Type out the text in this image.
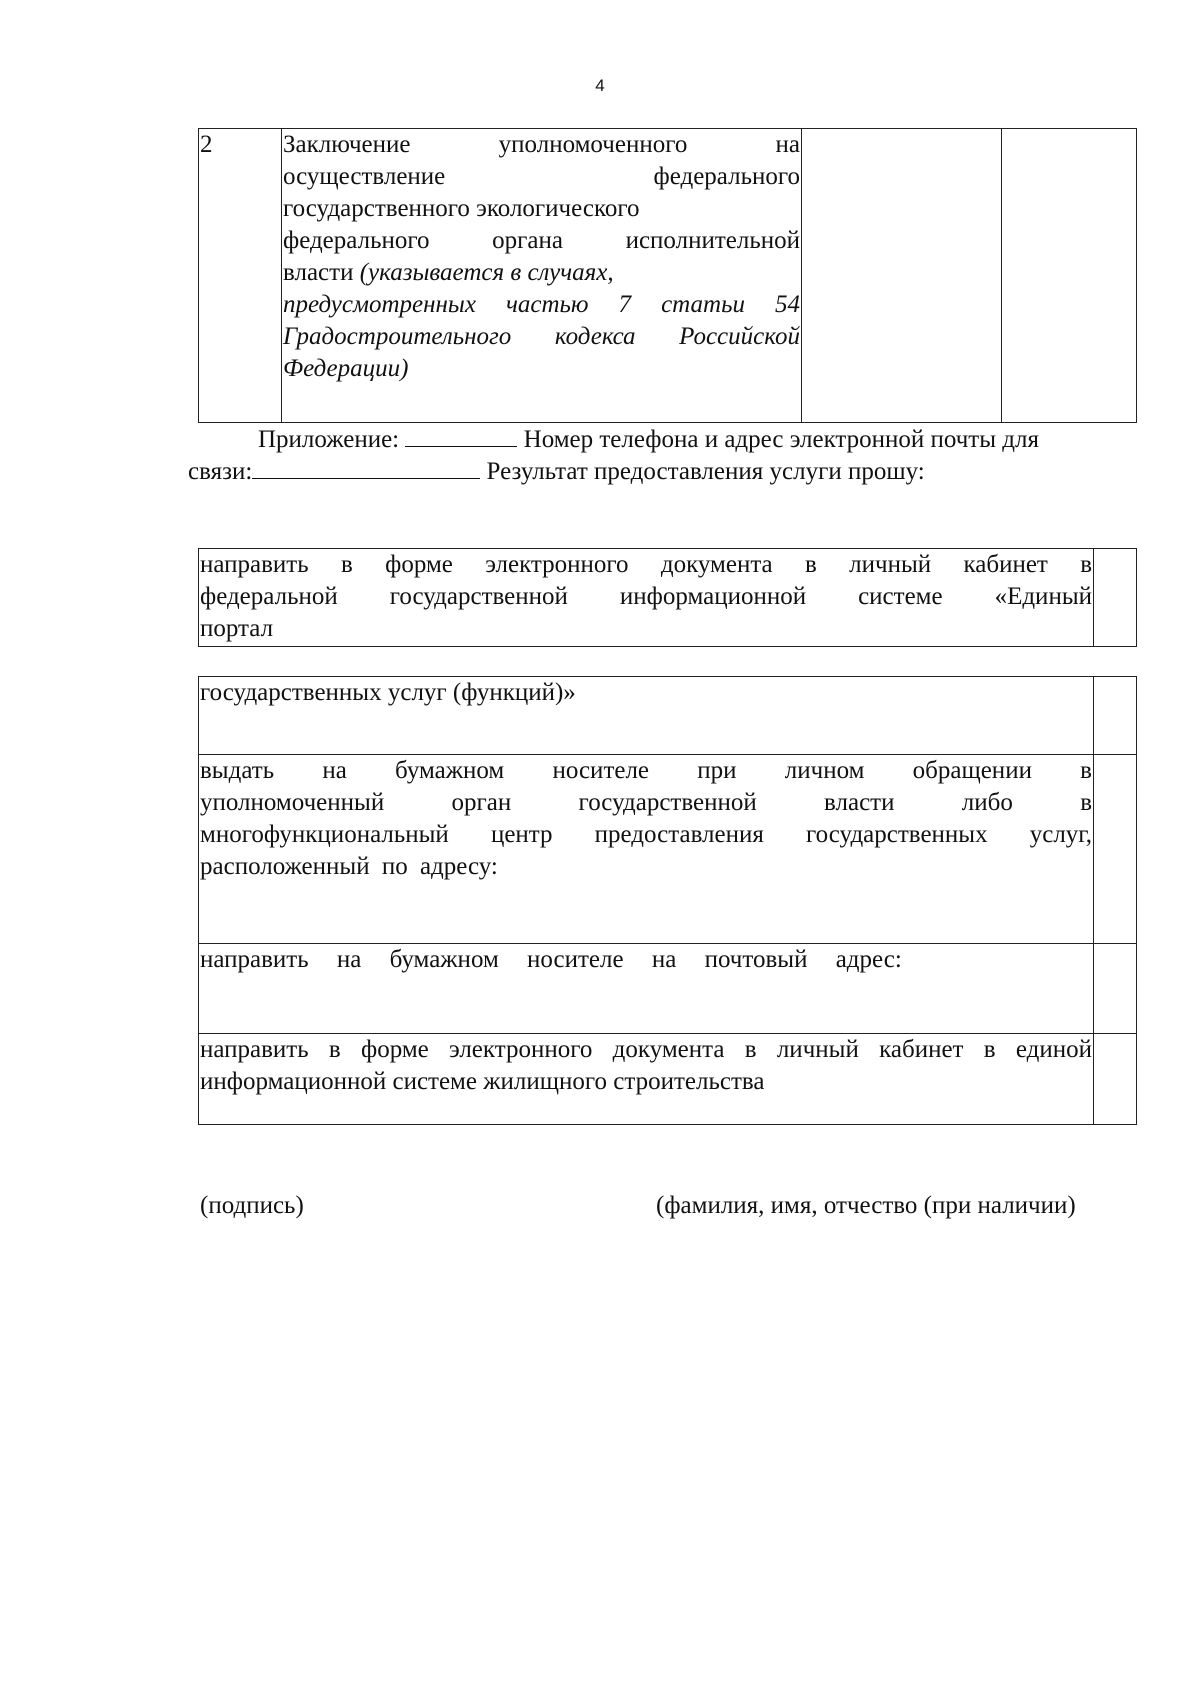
4
2	Заключение уполномоченного на
осуществление федерального
государственного экологического
федерального органа исполнительной
власти (указывается в случаях,
предусмотренных частью 7 статьи 54
Градостроительного кодекса Российской
Федерации)

Приложение:	Номер телефона и адрес электронной почты для
связи:	Результат предоставления услуги прошу:
направить в форме электронного документа в личный кабинет в
федеральной государственной информационной системе «Единый
портал

государственных услуг (функций)»	

выдать на бумажном носителе при личном обращении в
уполномоченный орган государственной власти либо в
многофункциональный центр предоставления государственных услуг,
расположенный по адресу:	

направить на бумажном носителе на почтовый адрес:	

направить в форме электронного документа в личный кабинет в единой
информационной системе жилищного строительства	

(подпись)	(фамилия, имя, отчество (при наличии)
